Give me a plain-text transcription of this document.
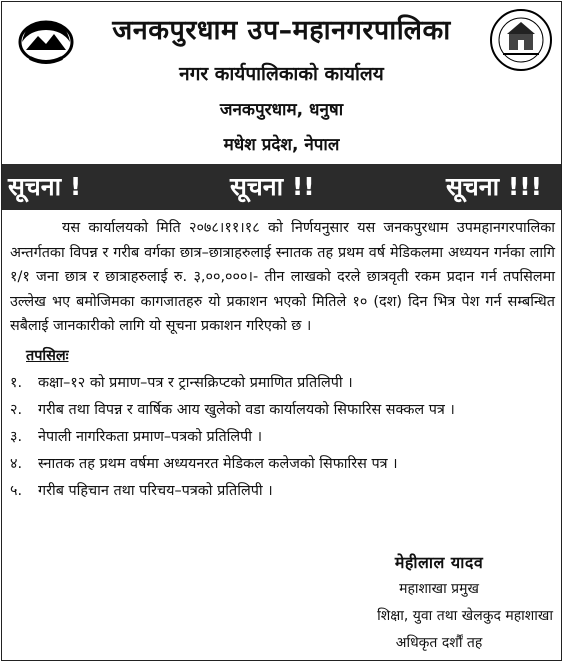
जनकपुरधाम उप–महानगरपालिका
नगर कार्यपालिकाको कार्यालय
जनकपुरधाम, धनुषा
मधेश प्रदेश, नेपाल
सूचना !	सूचना !!	सूचना !!!

यस कार्यालयको मिति २०७८।११।१८ को निर्णयनुसार यस जनकपुरधाम उपमहानगरपालिका अन्तर्गतका विपन्न र गरीब वर्गका छात्र–छात्राहरुलाई स्नातक तह प्रथम वर्ष मेडिकलमा अध्ययन गर्नका लागि १/१ जना छात्र र छात्राहरुलाई रु. ३,००,०००।- तीन लाखको दरले छात्रवृती रकम प्रदान गर्न तपसिलमा उल्लेख भए बमोजिमका कागजातहरु यो प्रकाशन भएको मितिले १० (दश) दिन भित्र पेश गर्न सम्बन्धित सबैलाई जानकारीको लागि यो सूचना प्रकाशन गरिएको छ ।

तपसिलः
१.	कक्षा–१२ को प्रमाण–पत्र र ट्रान्सक्रिप्टको प्रमाणित प्रतिलिपी ।
२.	गरीब तथा विपन्न र वार्षिक आय खुलेको वडा कार्यालयको सिफारिस सक्कल पत्र ।
३.	नेपाली नागरिकता प्रमाण–पत्रको प्रतिलिपी ।
४.	स्नातक तह प्रथम वर्षमा अध्ययनरत मेडिकल कलेजको सिफारिस पत्र ।
५.	गरीब पहिचान तथा परिचय–पत्रको प्रतिलिपी ।
मेहीलाल यादव
महाशाखा प्रमुख
शिक्षा, युवा तथा खेलकुद महाशाखा
अधिकृत दर्शौं तह
